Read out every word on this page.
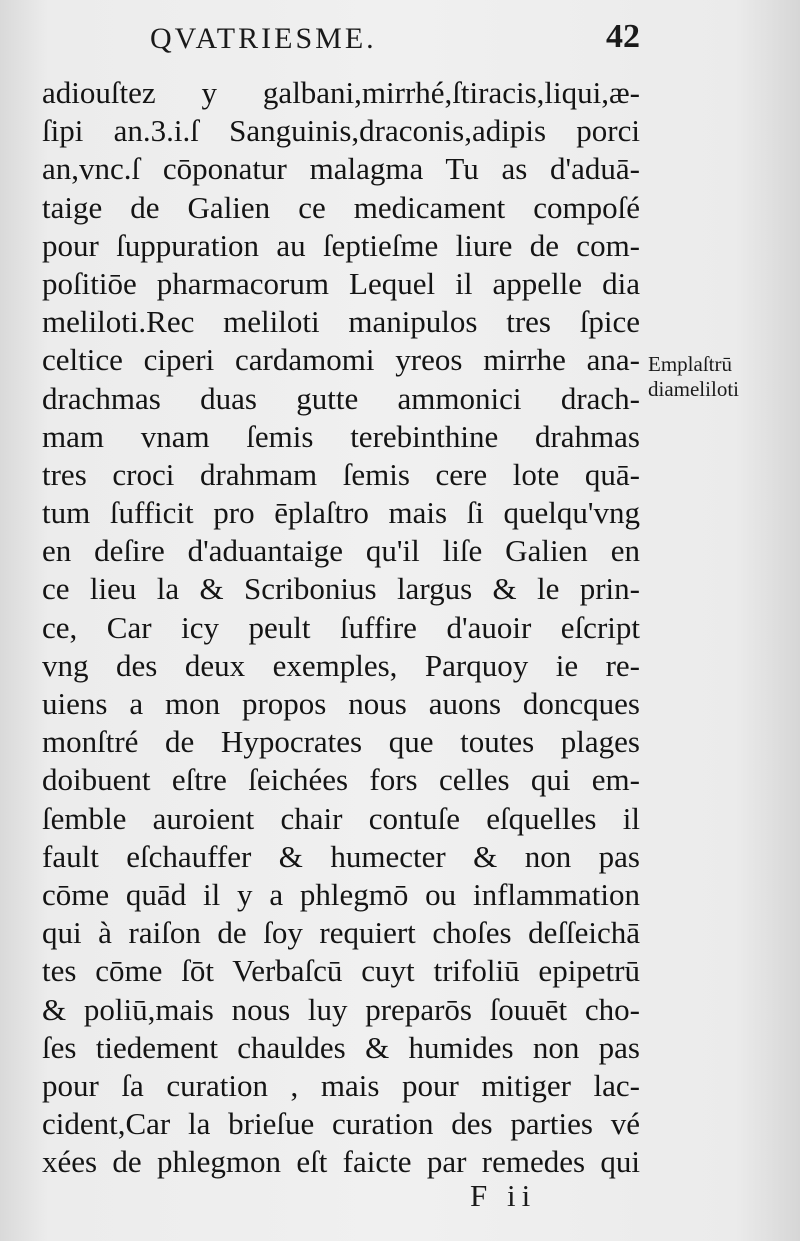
QVATRIESME.	42
adiouſtez y galbani,mirrhé,ſtiracis,liqui,æ-
ſipi an.3.i.ſ Sanguinis,draconis,adipis porci
an,vnc.ſ cōponatur malagma Tu as d'aduā-
taige de Galien ce medicament compoſé
pour ſuppuration au ſeptieſme liure de com-
poſitiōe pharmacorum Lequel il appelle dia
meliloti.Rec meliloti manipulos tres ſpice
celtice ciperi cardamomi yreos mirrhe ana-
drachmas duas gutte ammonici drach-
mam vnam ſemis terebinthine drahmas
tres croci drahmam ſemis cere lote quā-
tum ſufficit pro ēplaſtro mais ſi quelqu'vng
en deſire d'aduantaige qu'il liſe Galien en
ce lieu la & Scribonius largus & le prin-
ce, Car icy peult ſuffire d'auoir eſcript
vng des deux exemples, Parquoy ie re-
uiens a mon propos nous auons doncques
monſtré de Hypocrates que toutes plages
doibuent eſtre ſeichées fors celles qui em-
ſemble auroient chair contuſe eſquelles il
fault eſchauffer & humecter & non pas
cōme quād il y a phlegmō ou inflammation
qui à raiſon de ſoy requiert choſes deſſeichā
tes cōme ſōt Verbaſcū cuyt trifoliū epipetrū
& poliū,mais nous luy preparōs ſouuēt cho-
ſes tiedement chauldes & humides non pas
pour ſa curation , mais pour mitiger lac-
cident,Car la brieſue curation des parties vé
xées de phlegmon eſt faicte par remedes qui
Emplaſtrū
diameliloti
F ii
